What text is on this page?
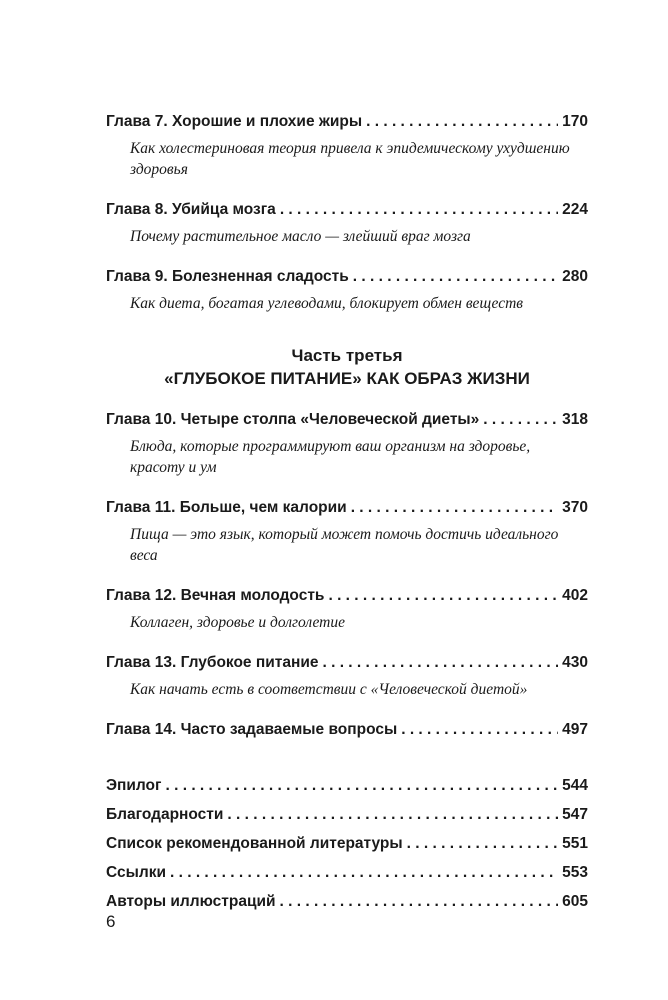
Глава 7. Хорошие и плохие жиры . . .	170
Как холестериновая теория привела к эпидемическому ухудшению здоровья
Глава 8. Убийца мозга . . .	224
Почему растительное масло — злейший враг мозга
Глава 9. Болезненная сладость . . .	280
Как диета, богатая углеводами, блокирует обмен веществ
Часть третья
«ГЛУБОКОЕ ПИТАНИЕ» КАК ОБРАЗ ЖИЗНИ
Глава 10. Четыре столпа «Человеческой диеты» . . .	318
Блюда, которые программируют ваш организм на здоровье, красоту и ум
Глава 11. Больше, чем калории . . .	370
Пища — это язык, который может помочь достичь идеального веса
Глава 12. Вечная молодость . . .	402
Коллаген, здоровье и долголетие
Глава 13. Глубокое питание . . .	430
Как начать есть в соответствии с «Человеческой диетой»
Глава 14. Часто задаваемые вопросы . . .	497
Эпилог . . .	544
Благодарности . . .	547
Список рекомендованной литературы . . .	551
Ссылки . . .	553
Авторы иллюстраций . . .	605
6
